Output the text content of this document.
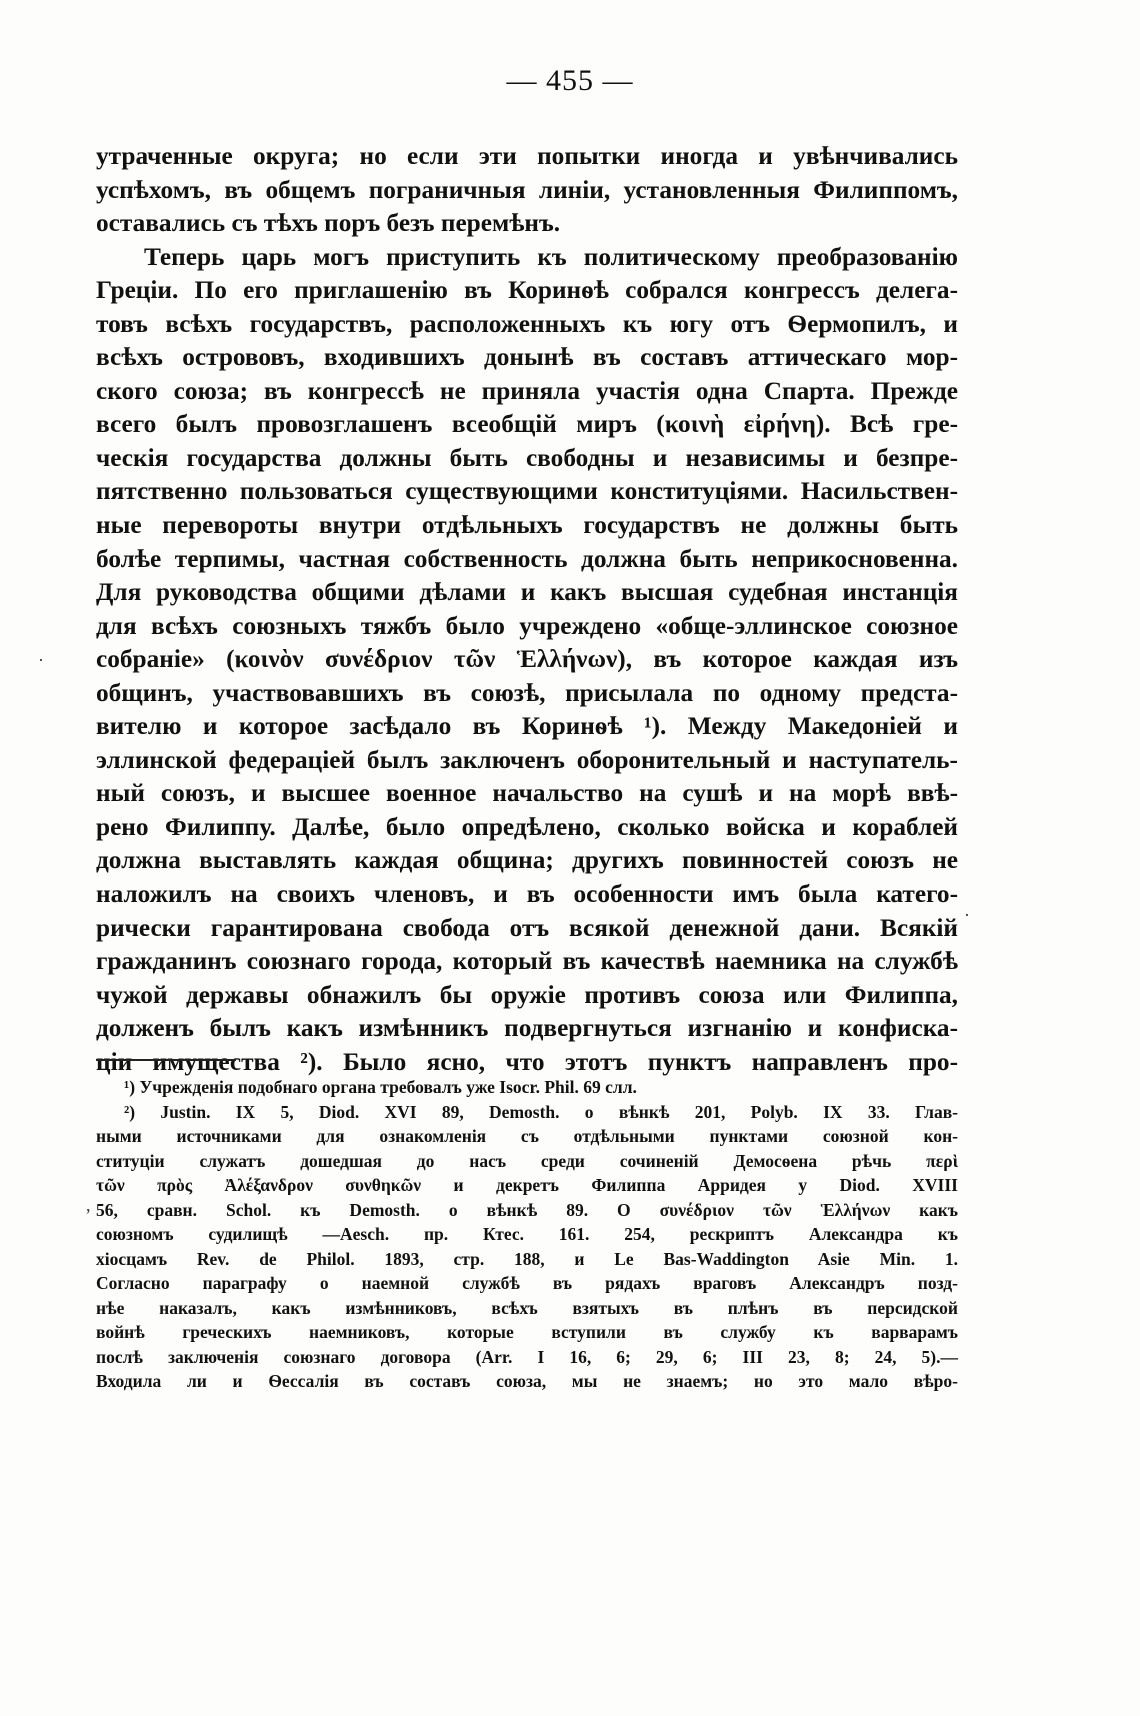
— 455 —
утраченные округа; но если эти попытки иногда и увѣнчивались
успѣхомъ, въ общемъ пограничныя линіи, установленныя Филиппомъ,
оставались съ тѣхъ поръ безъ перемѣнъ.
Теперь царь могъ приступить къ политическому преобразованію
Греціи. По его приглашенію въ Коринѳѣ собрался конгрессъ делега-
товъ всѣхъ государствъ, расположенныхъ къ югу отъ Ѳермопилъ, и
всѣхъ острововъ, входившихъ донынѣ въ составъ аттическаго мор-
ского союза; въ конгрессѣ не приняла участія одна Спарта. Прежде
всего былъ провозглашенъ всеобщій миръ (κοινὴ εἰρήνη). Всѣ гре-
ческія государства должны быть свободны и независимы и безпре-
пятственно пользоваться существующими конституціями. Насильствен-
ные перевороты внутри отдѣльныхъ государствъ не должны быть
болѣе терпимы, частная собственность должна быть неприкосновенна.
Для руководства общими дѣлами и какъ высшая судебная инстанція
для всѣхъ союзныхъ тяжбъ было учреждено «обще-эллинское союзное
собраніе» (κοινὸν συνέδριον τῶν Ἑλλήνων), въ которое каждая изъ
общинъ, участвовавшихъ въ союзѣ, присылала по одному предста-
вителю и которое засѣдало въ Коринѳѣ ¹). Между Македоніей и
эллинской федераціей былъ заключенъ оборонительный и наступатель-
ный союзъ, и высшее военное начальство на сушѣ и на морѣ ввѣ-
рено Филиппу. Далѣе, было опредѣлено, сколько войска и кораблей
должна выставлять каждая община; другихъ повинностей союзъ не
наложилъ на своихъ членовъ, и въ особенности имъ была катего-
рически гарантирована свобода отъ всякой денежной дани. Всякій
гражданинъ союзнаго города, который въ качествѣ наемника на службѣ
чужой державы обнажилъ бы оружіе противъ союза или Филиппа,
долженъ былъ какъ измѣнникъ подвергнуться изгнанію и конфиска-
ціи имущества ²). Было ясно, что этотъ пунктъ направленъ про-
¹) Учрежденія подобнаго органа требовалъ уже Isocr. Phil. 69 слл.
²) Justin. IX 5, Diod. XVI 89, Demosth. о вѣнкѣ 201, Polyb. IX 33. Глав-
ными источниками для ознакомленія съ отдѣльными пунктами союзной кон-
ституціи служатъ дошедшая до насъ среди сочиненій Демосѳена рѣчь περὶ
τῶν πρὸς Ἀλέξανδρον συνθηκῶν и декретъ Филиппа Арридея у Diod. XVIII
56, сравн. Schol. къ Demosth. о вѣнкѣ 89. О συνέδριον τῶν Ἑλλήνων какъ
союзномъ судилищѣ —Aesch. пр. Ктес. 161. 254, рескриптъ Александра къ
хіосцамъ Rev. de Philol. 1893, стр. 188, и Le Bas-Waddington Asie Min. 1.
Согласно параграфу о наемной службѣ въ рядахъ враговъ Александръ позд-
нѣе наказалъ, какъ измѣнниковъ, всѣхъ взятыхъ въ плѣнъ въ персидской
войнѣ греческихъ наемниковъ, которые вступили въ службу къ варварамъ
послѣ заключенія союзнаго договора (Arr. I 16, 6; 29, 6; III 23, 8; 24, 5).—
Входила ли и Ѳессалія въ составъ союза, мы не знаемъ; но это мало вѣро-
·
·
,
